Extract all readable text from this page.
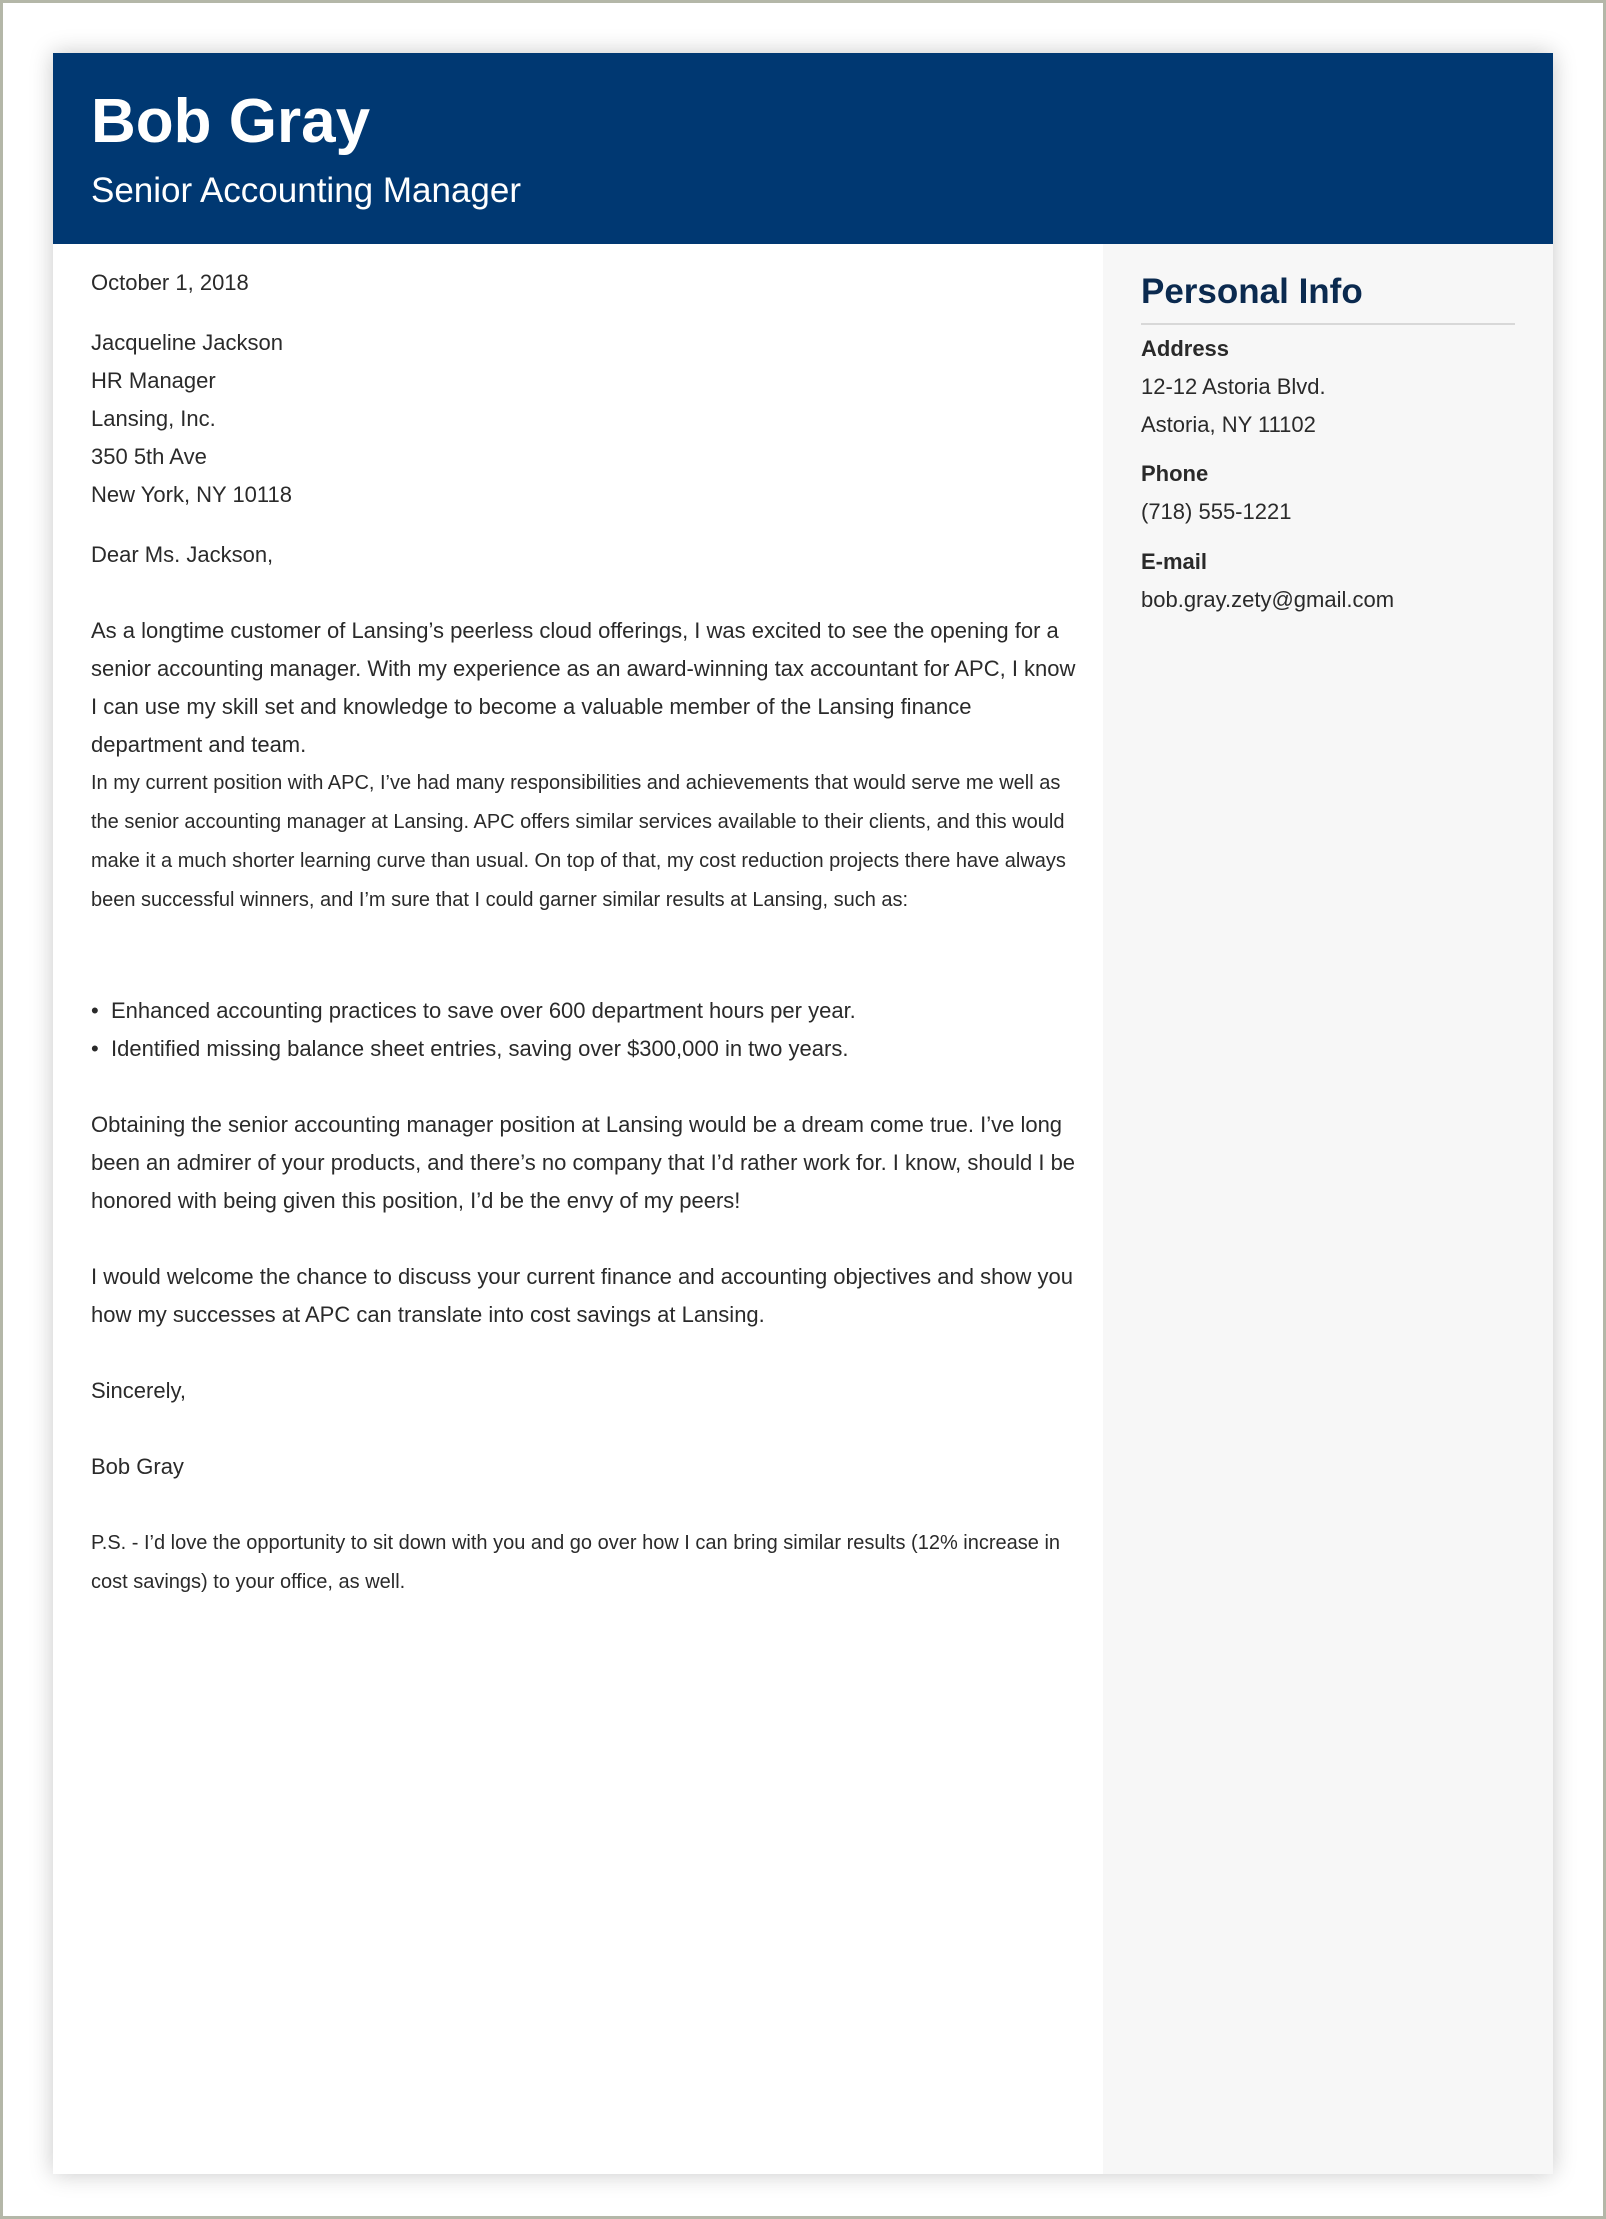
Bob Gray
Senior Accounting Manager
Personal Info
Address
12-12 Astoria Blvd.
Astoria, NY 11102
Phone
(718) 555-1221
E-mail
bob.gray.zety@gmail.com
October 1, 2018
Jacqueline Jackson
HR Manager
Lansing, Inc.
350 5th Ave
New York, NY 10118
Dear Ms. Jackson,
As a longtime customer of Lansing’s peerless cloud offerings, I was excited to see the opening for a senior accounting manager. With my experience as an award-winning tax accountant for APC, I know I can use my skill set and knowledge to become a valuable member of the Lansing finance department and team.
In my current position with APC, I’ve had many responsibilities and achievements that would serve me well as the senior accounting manager at Lansing. APC offers similar services available to their clients, and this would make it a much shorter learning curve than usual. On top of that, my cost reduction projects there have always been successful winners, and I’m sure that I could garner similar results at Lansing, such as:
• Enhanced accounting practices to save over 600 department hours per year.
• Identified missing balance sheet entries, saving over $300,000 in two years.
Obtaining the senior accounting manager position at Lansing would be a dream come true. I’ve long been an admirer of your products, and there’s no company that I’d rather work for. I know, should I be honored with being given this position, I’d be the envy of my peers!
I would welcome the chance to discuss your current finance and accounting objectives and show you how my successes at APC can translate into cost savings at Lansing.
Sincerely,
Bob Gray
P.S. - I’d love the opportunity to sit down with you and go over how I can bring similar results (12% increase in cost savings) to your office, as well.
